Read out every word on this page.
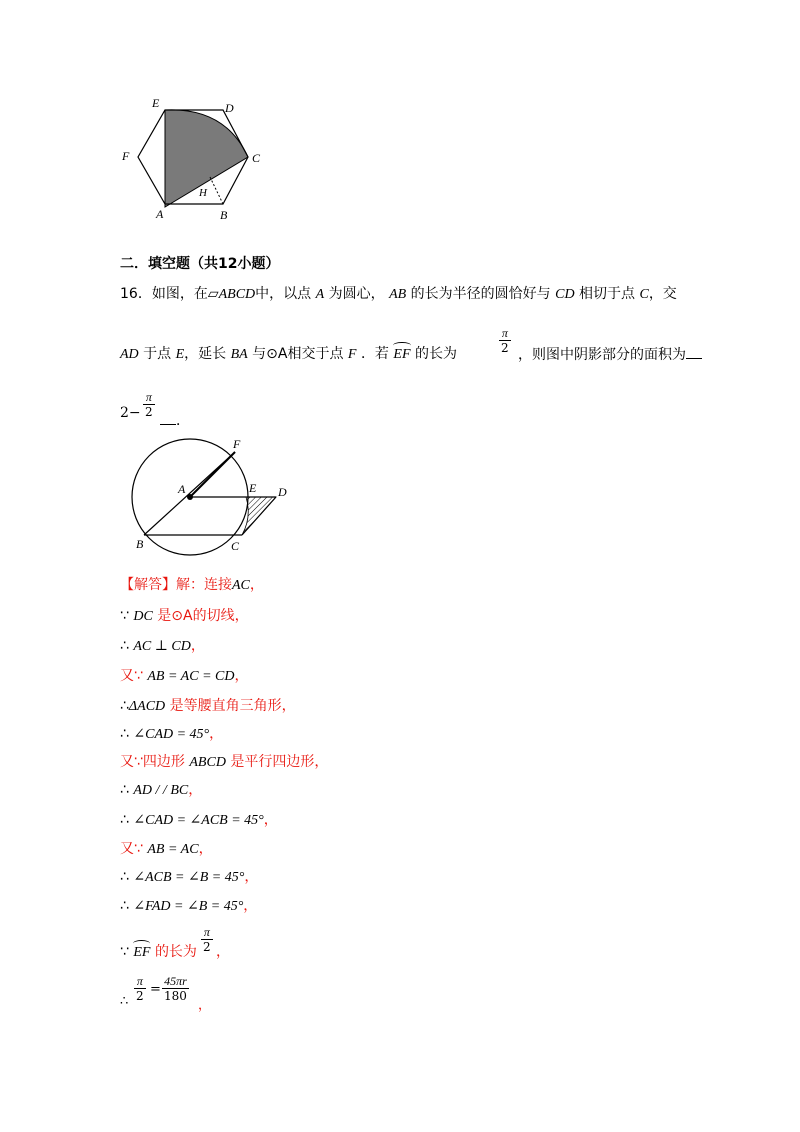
E	D
F	C
H
A	B
二．填空题（共12小题）
16．如图，在▱ABCD中，以点 A 为圆心， AB 的长为半径的圆恰好与 CD 相切于点 C，交
AD 于点 E，延长 BA 与⊙A相交于点 F ．若 EF 的长为	$\frac{\pi}{2}$ ，则图中阴影部分的面积为
$2- \frac{\pi}{2}$
．
F
A	E D
B	C
【解答】解：连接AC，
∵ DC 是⊙A的切线，
∴ AC ⊥ CD，
又∵ AB = AC = CD，
∴ΔACD 是等腰直角三角形，
∴ ∠CAD = 45°，
又∵四边形 ABCD 是平行四边形，
∴ AD / / BC，
∴ ∠CAD = ∠ACB = 45°，
又∵ AB = AC，
∴ ∠ACB = ∠B = 45°，
∴ ∠FAD = ∠B = 45°，
∵ EF 的长为 $\frac{\pi}{2}$ ，
∴ $\frac{\pi}{2} = \frac{45\pi r}{180}$
，
